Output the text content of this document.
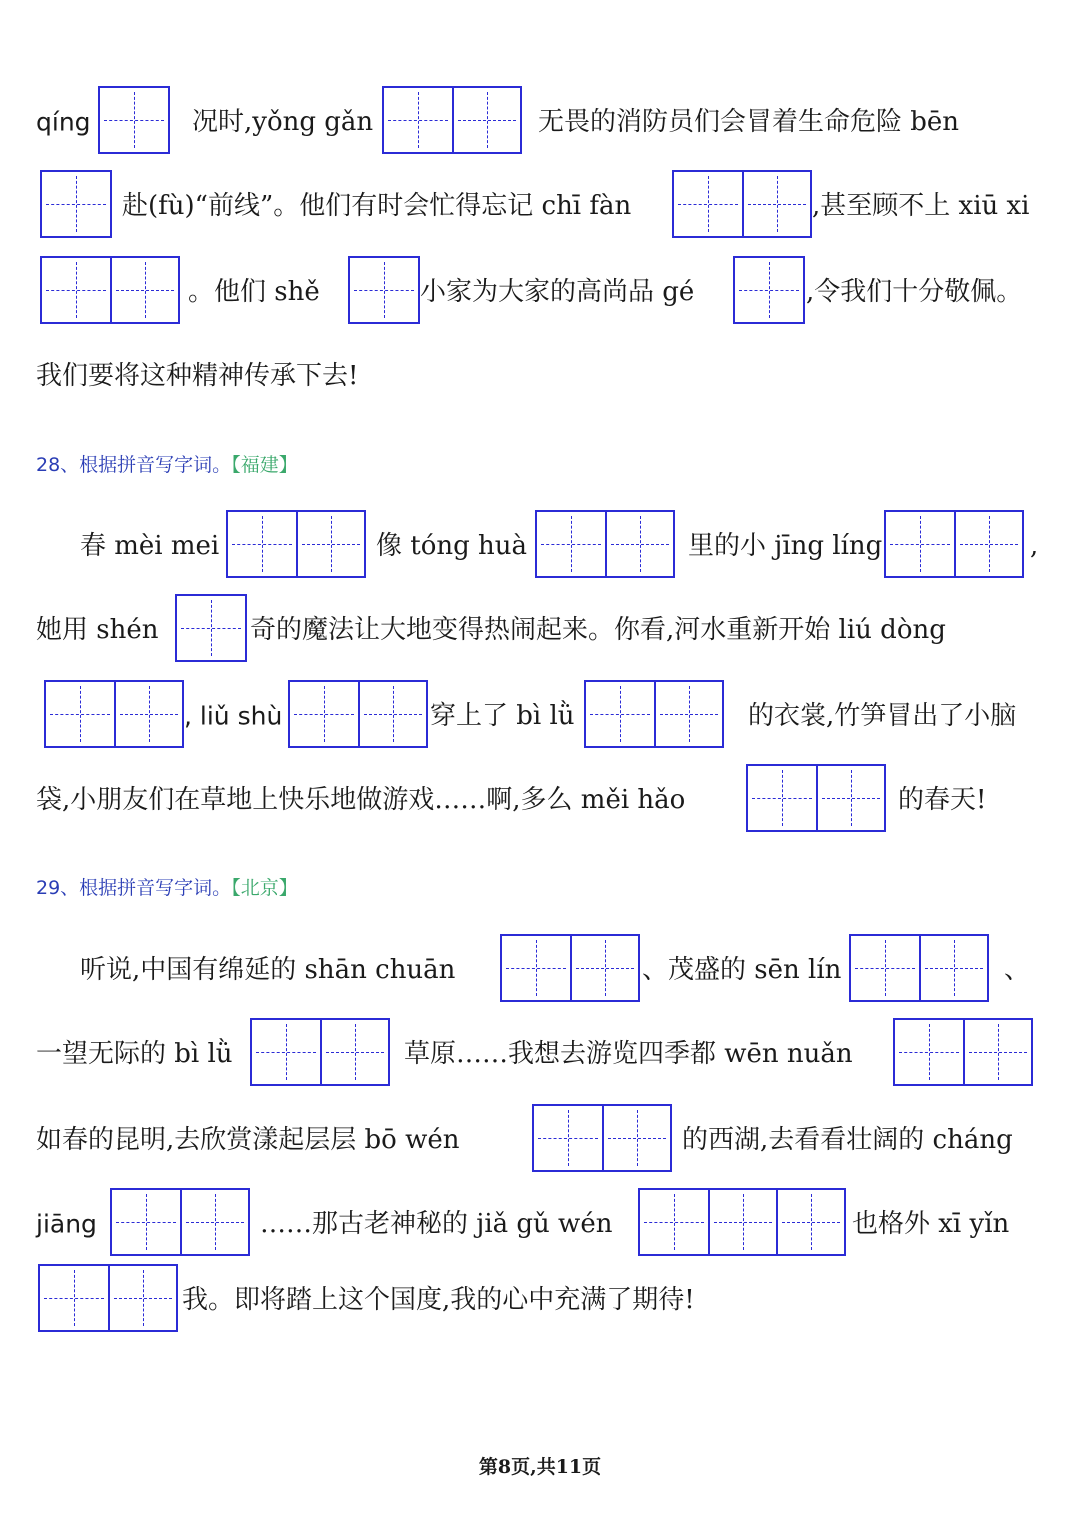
qíng	况时,yǒng gǎn	无畏的消防员们会冒着生命危险 bēn
赴(fù)“前线”。他们有时会忙得忘记 chī fàn	,甚至顾不上 xiū xi
。他们 shě	小家为大家的高尚品 gé	,令我们十分敬佩。
我们要将这种精神传承下去!
28、根据拼音写字词。【福建】
春 mèi mei	像 tóng huà	里的小 jīng líng	,
她用 shén	奇的魔法让大地变得热闹起来。你看,河水重新开始 liú dòng
, liǔ shù	穿上了 bì lǜ	的衣裳,竹笋冒出了小脑
袋,小朋友们在草地上快乐地做游戏……啊,多么 měi hǎo	的春天!
29、根据拼音写字词。【北京】
听说,中国有绵延的 shān chuān	、茂盛的 sēn lín	、
一望无际的 bì lǜ	草原……我想去游览四季都 wēn nuǎn
如春的昆明,去欣赏漾起层层 bō wén	的西湖,去看看壮阔的 cháng
jiāng	……那古老神秘的 jiǎ gǔ wén	也格外 xī yǐn
我。即将踏上这个国度,我的心中充满了期待!
第8页,共11页
